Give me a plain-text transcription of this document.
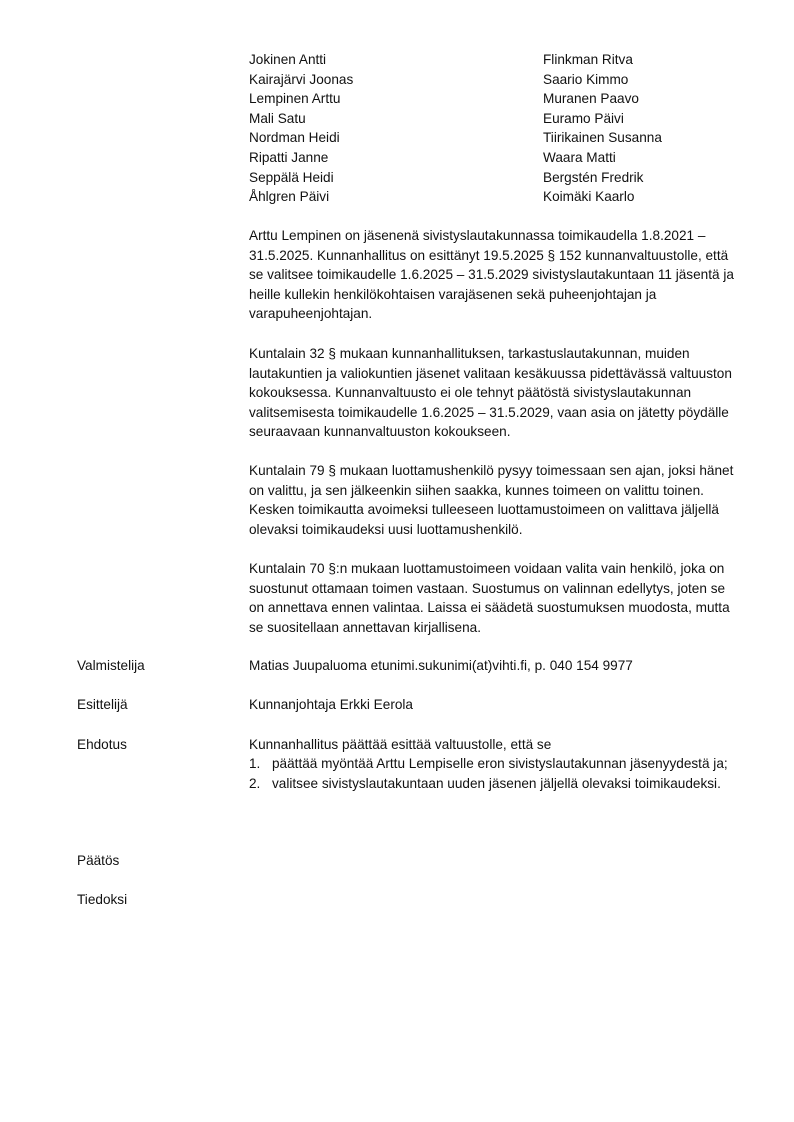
Jokinen Antti	Flinkman Ritva
Kairajärvi Joonas	Saario Kimmo
Lempinen Arttu	Muranen Paavo
Mali Satu	Euramo Päivi
Nordman Heidi	Tiirikainen Susanna
Ripatti Janne	Waara Matti
Seppälä Heidi	Bergstén Fredrik
Åhlgren Päivi	Koimäki Kaarlo

Arttu Lempinen on jäsenenä sivistyslautakunnassa toimikaudella 1.8.2021 – 31.5.2025. Kunnanhallitus on esittänyt 19.5.2025 § 152 kunnanvaltuustolle, että se valitsee toimikaudelle 1.6.2025 – 31.5.2029 sivistyslautakuntaan 11 jäsentä ja heille kullekin henkilökohtaisen varajäsenen sekä puheenjohtajan ja varapuheenjohtajan.

Kuntalain 32 § mukaan kunnanhallituksen, tarkastuslautakunnan, muiden lautakuntien ja valiokuntien jäsenet valitaan kesäkuussa pidettävässä valtuuston kokouksessa. Kunnanvaltuusto ei ole tehnyt päätöstä sivistyslautakunnan valitsemisesta toimikaudelle 1.6.2025 – 31.5.2029, vaan asia on jätetty pöydälle seuraavaan kunnanvaltuuston kokoukseen.

Kuntalain 79 § mukaan luottamushenkilö pysyy toimessaan sen ajan, joksi hänet on valittu, ja sen jälkeenkin siihen saakka, kunnes toimeen on valittu toinen. Kesken toimikautta avoimeksi tulleeseen luottamustoimeen on valittava jäljellä olevaksi toimikaudeksi uusi luottamushenkilö.

Kuntalain 70 §:n mukaan luottamustoimeen voidaan valita vain henkilö, joka on suostunut ottamaan toimen vastaan. Suostumus on valinnan edellytys, joten se on annettava ennen valintaa. Laissa ei säädetä suostumuksen muodosta, mutta se suositellaan annettavan kirjallisena.

Valmistelija	Matias Juupaluoma etunimi.sukunimi(at)vihti.fi, p. 040 154 9977
Esittelijä	Kunnanjohtaja Erkki Eerola
Ehdotus	Kunnanhallitus päättää esittää valtuustolle, että se
1. päättää myöntää Arttu Lempiselle eron sivistyslautakunnan jäsenyydestä ja;
2. valitsee sivistyslautakuntaan uuden jäsenen jäljellä olevaksi toimikaudeksi.
Päätös
Tiedoksi
